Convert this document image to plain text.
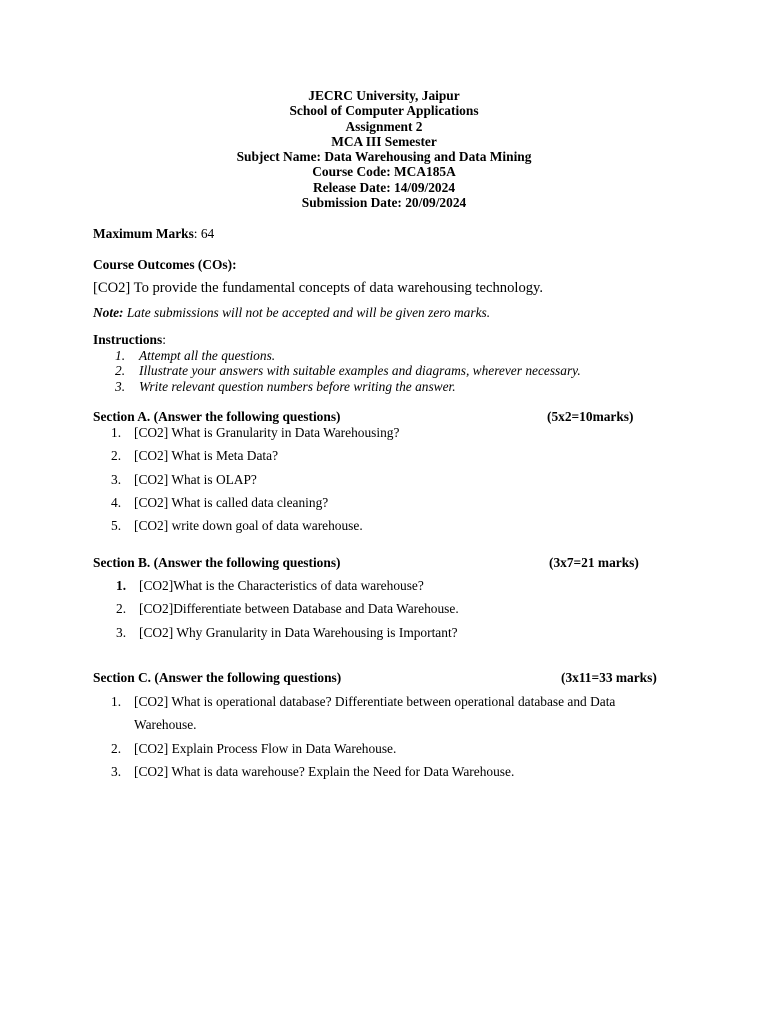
JECRC University, Jaipur
School of Computer Applications
Assignment 2
MCA III Semester
Subject Name: Data Warehousing and Data Mining
Course Code: MCA185A
Release Date: 14/09/2024
Submission Date: 20/09/2024
Maximum Marks: 64
Course Outcomes (COs):
[CO2] To provide the fundamental concepts of data warehousing technology.
Note: Late submissions will not be accepted and will be given zero marks.
Instructions:
1. Attempt all the questions.
2. Illustrate your answers with suitable examples and diagrams, wherever necessary.
3. Write relevant question numbers before writing the answer.
Section A. (Answer the following questions)	(5x2=10marks)
1. [CO2] What is Granularity in Data Warehousing?
2. [CO2] What is Meta Data?
3. [CO2] What is OLAP?
4. [CO2] What is called data cleaning?
5. [CO2] write down goal of data warehouse.
Section B. (Answer the following questions)	(3x7=21 marks)
1. [CO2]What is the Characteristics of data warehouse?
2. [CO2]Differentiate between Database and Data Warehouse.
3. [CO2] Why Granularity in Data Warehousing is Important?
Section C. (Answer the following questions)	(3x11=33 marks)
1. [CO2] What is operational database? Differentiate between operational database and Data
Warehouse.
2. [CO2] Explain Process Flow in Data Warehouse.
3. [CO2] What is data warehouse? Explain the Need for Data Warehouse.
